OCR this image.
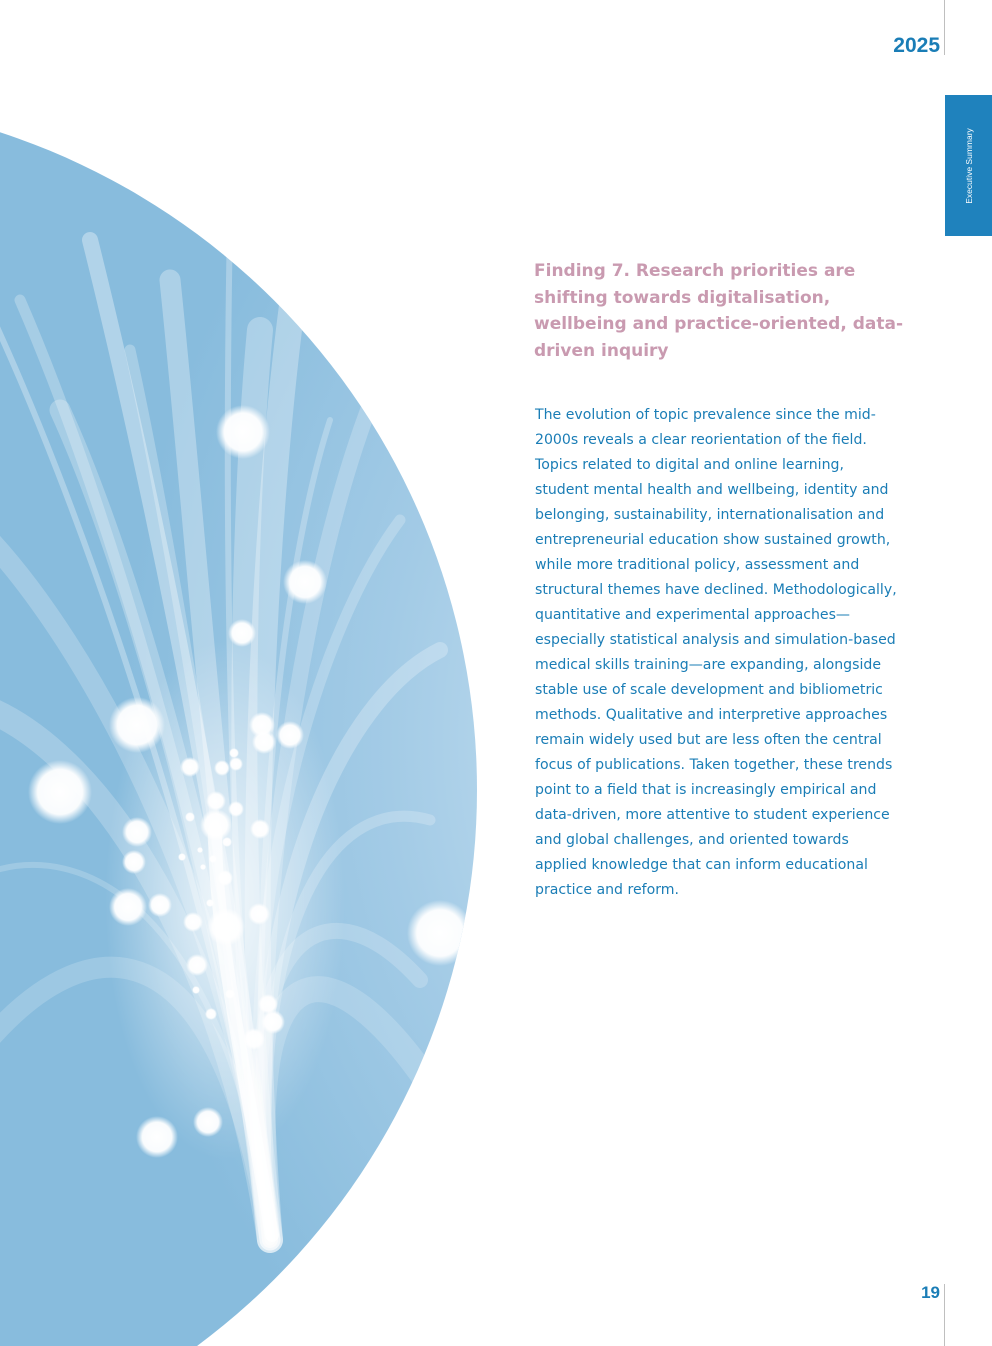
2025

Executive Summary
Finding 7. Research priorities are shifting towards digitalisation, wellbeing and practice-oriented, data-driven inquiry

The evolution of topic prevalence since the mid-2000s reveals a clear reorientation of the field. Topics related to digital and online learning, student mental health and wellbeing, identity and belonging, sustainability, internationalisation and entrepreneurial education show sustained growth, while more traditional policy, assessment and structural themes have declined. Methodologically, quantitative and experimental approaches—especially statistical analysis and simulation-based medical skills training—are expanding, alongside stable use of scale development and bibliometric methods. Qualitative and interpretive approaches remain widely used but are less often the central focus of publications. Taken together, these trends point to a field that is increasingly empirical and data-driven, more attentive to student experience and global challenges, and oriented towards applied knowledge that can inform educational practice and reform.

19
